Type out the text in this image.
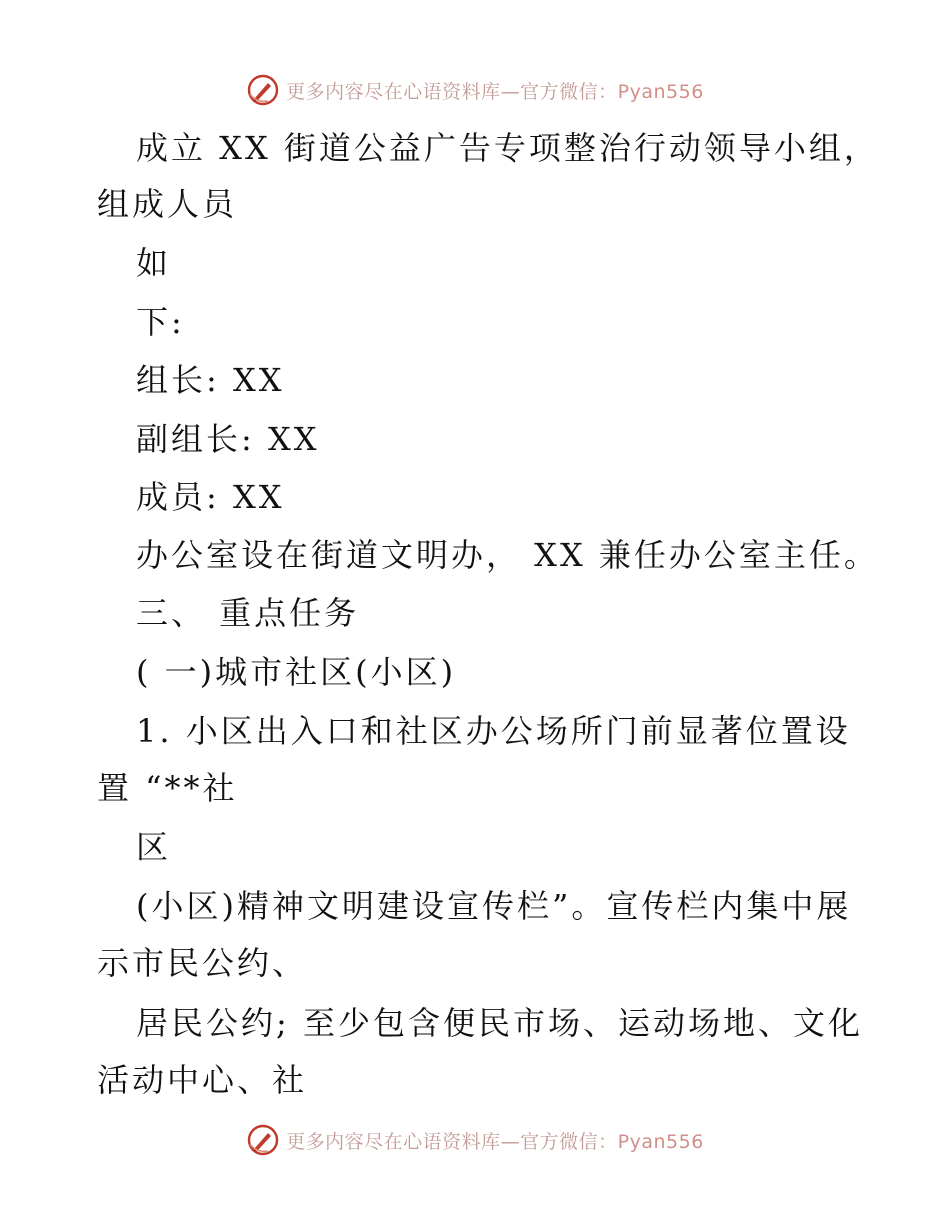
更多内容尽在心语资料库—官方微信：Pyan556
成立 XX 街道公益广告专项整治行动领导小组，
组成人员
如
下:
组长: XX
副组长: XX
成员: XX
办公室设在街道文明办， XX 兼任办公室主任。
三、 重点任务
( 一)城市社区(小区)
1. 小区出入口和社区办公场所门前显著位置设
置 “**社
区
(小区)精神文明建设宣传栏”。宣传栏内集中展
示市民公约、
居民公约; 至少包含便民市场、运动场地、文化
活动中心、社
更多内容尽在心语资料库—官方微信：Pyan556
